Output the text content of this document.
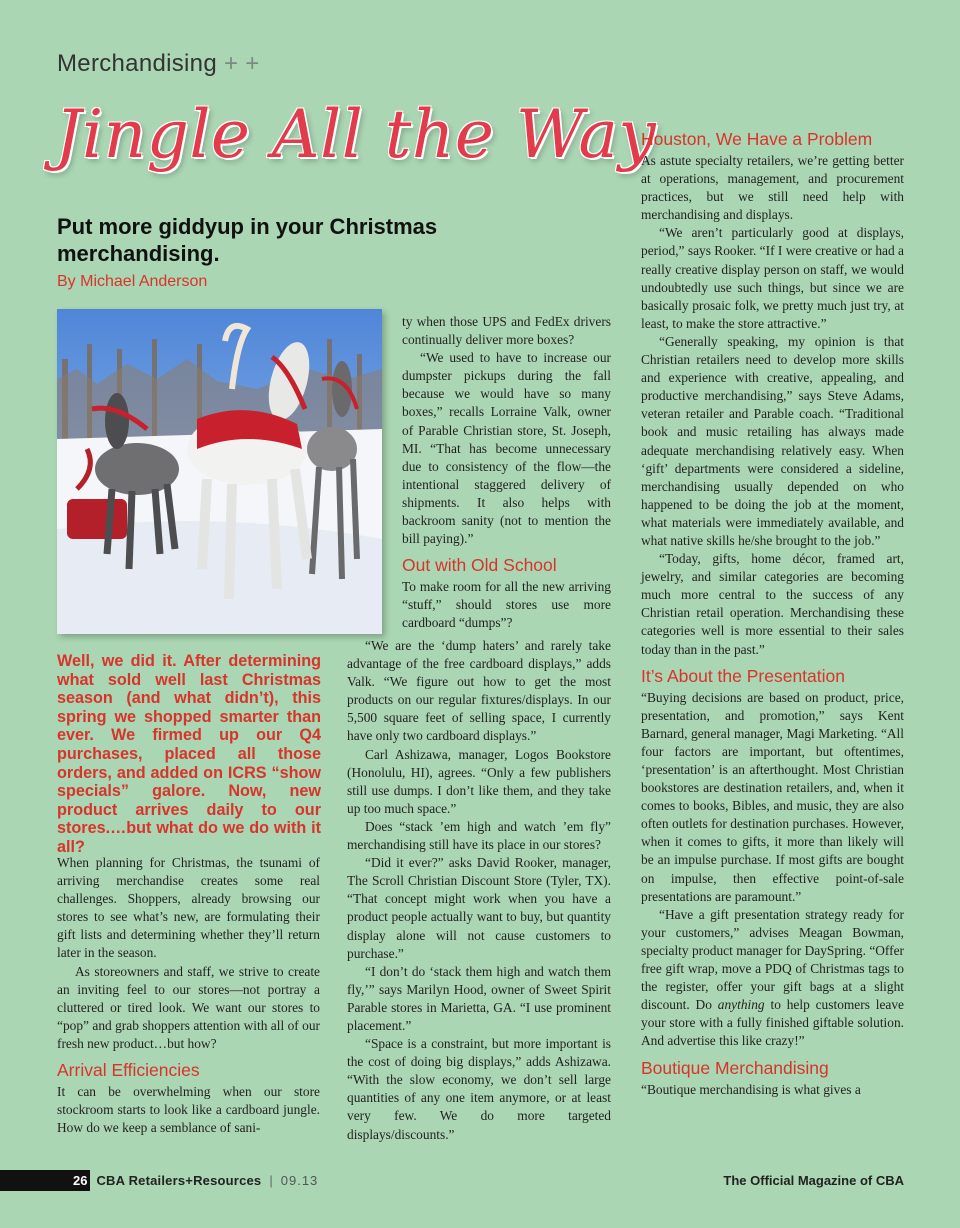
Merchandising + +
Jingle All the Way
Put more giddyup in your Christmas merchandising.
By Michael Anderson
Well, we did it. After determining what sold well last Christmas season (and what didn’t), this spring we shopped smarter than ever. We firmed up our Q4 purchases, placed all those orders, and added on ICRS “show specials” galore. Now, new product arrives daily to our stores.…but what do we do with it all?

When planning for Christmas, the tsunami of arriving merchandise creates some real challenges. Shoppers, already browsing our stores to see what’s new, are formulating their gift lists and determining whether they’ll return later in the season.

As storeowners and staff, we strive to create an inviting feel to our stores—not portray a cluttered or tired look. We want our stores to “pop” and grab shoppers attention with all of our fresh new product…but how?

Arrival Efficiencies

It can be overwhelming when our store stockroom starts to look like a cardboard jungle. How do we keep a semblance of sani-

ty when those UPS and FedEx drivers continually deliver more boxes?

“We used to have to increase our dumpster pickups during the fall because we would have so many boxes,” recalls Lorraine Valk, owner of Parable Christian store, St. Joseph, MI. “That has become unnecessary due to consistency of the flow—the intentional staggered delivery of shipments. It also helps with backroom sanity (not to mention the bill paying).”

Out with Old School

To make room for all the new arriving “stuff,” should stores use more cardboard “dumps”?

“We are the ‘dump haters’ and rarely take advantage of the free cardboard displays,” adds Valk. “We figure out how to get the most products on our regular fixtures/displays. In our 5,500 square feet of selling space, I currently have only two cardboard displays.”

Carl Ashizawa, manager, Logos Bookstore (Honolulu, HI), agrees. “Only a few publishers still use dumps. I don’t like them, and they take up too much space.”

Does “stack ’em high and watch ’em fly” merchandising still have its place in our stores?

“Did it ever?” asks David Rooker, manager, The Scroll Christian Discount Store (Tyler, TX). “That concept might work when you have a product people actually want to buy, but quantity display alone will not cause customers to purchase.”

“I don’t do ‘stack them high and watch them fly,’” says Marilyn Hood, owner of Sweet Spirit Parable stores in Marietta, GA. “I use prominent placement.”

“Space is a constraint, but more important is the cost of doing big displays,” adds Ashizawa. “With the slow economy, we don’t sell large quantities of any one item anymore, or at least very few. We do more targeted displays/discounts.”

Houston, We Have a Problem

As astute specialty retailers, we’re getting better at operations, management, and procurement practices, but we still need help with merchandising and displays.

“We aren’t particularly good at displays, period,” says Rooker. “If I were creative or had a really creative display person on staff, we would undoubtedly use such things, but since we are basically prosaic folk, we pretty much just try, at least, to make the store attractive.”

“Generally speaking, my opinion is that Christian retailers need to develop more skills and experience with creative, appealing, and productive merchandising,” says Steve Adams, veteran retailer and Parable coach. “Traditional book and music retailing has always made adequate merchandising relatively easy. When ‘gift’ departments were considered a sideline, merchandising usually depended on who happened to be doing the job at the moment, what materials were immediately available, and what native skills he/she brought to the job.”

“Today, gifts, home décor, framed art, jewelry, and similar categories are becoming much more central to the success of any Christian retail operation. Merchandising these categories well is more essential to their sales today than in the past.”

It’s About the Presentation

“Buying decisions are based on product, price, presentation, and promotion,” says Kent Barnard, general manager, Magi Marketing. “All four factors are important, but oftentimes, ‘presentation’ is an afterthought. Most Christian bookstores are destination retailers, and, when it comes to books, Bibles, and music, they are also often outlets for destination purchases. However, when it comes to gifts, it more than likely will be an impulse purchase. If most gifts are bought on impulse, then effective point-of-sale presentations are paramount.”

“Have a gift presentation strategy ready for your customers,” advises Meagan Bowman, specialty product manager for DaySpring. “Offer free gift wrap, move a PDQ of Christmas tags to the register, offer your gift bags at a slight discount. Do anything to help customers leave your store with a fully finished giftable solution. And advertise this like crazy!”

Boutique Merchandising

“Boutique merchandising is what gives a

26 CBA Retailers+Resources | 09.13	The Official Magazine of CBA
